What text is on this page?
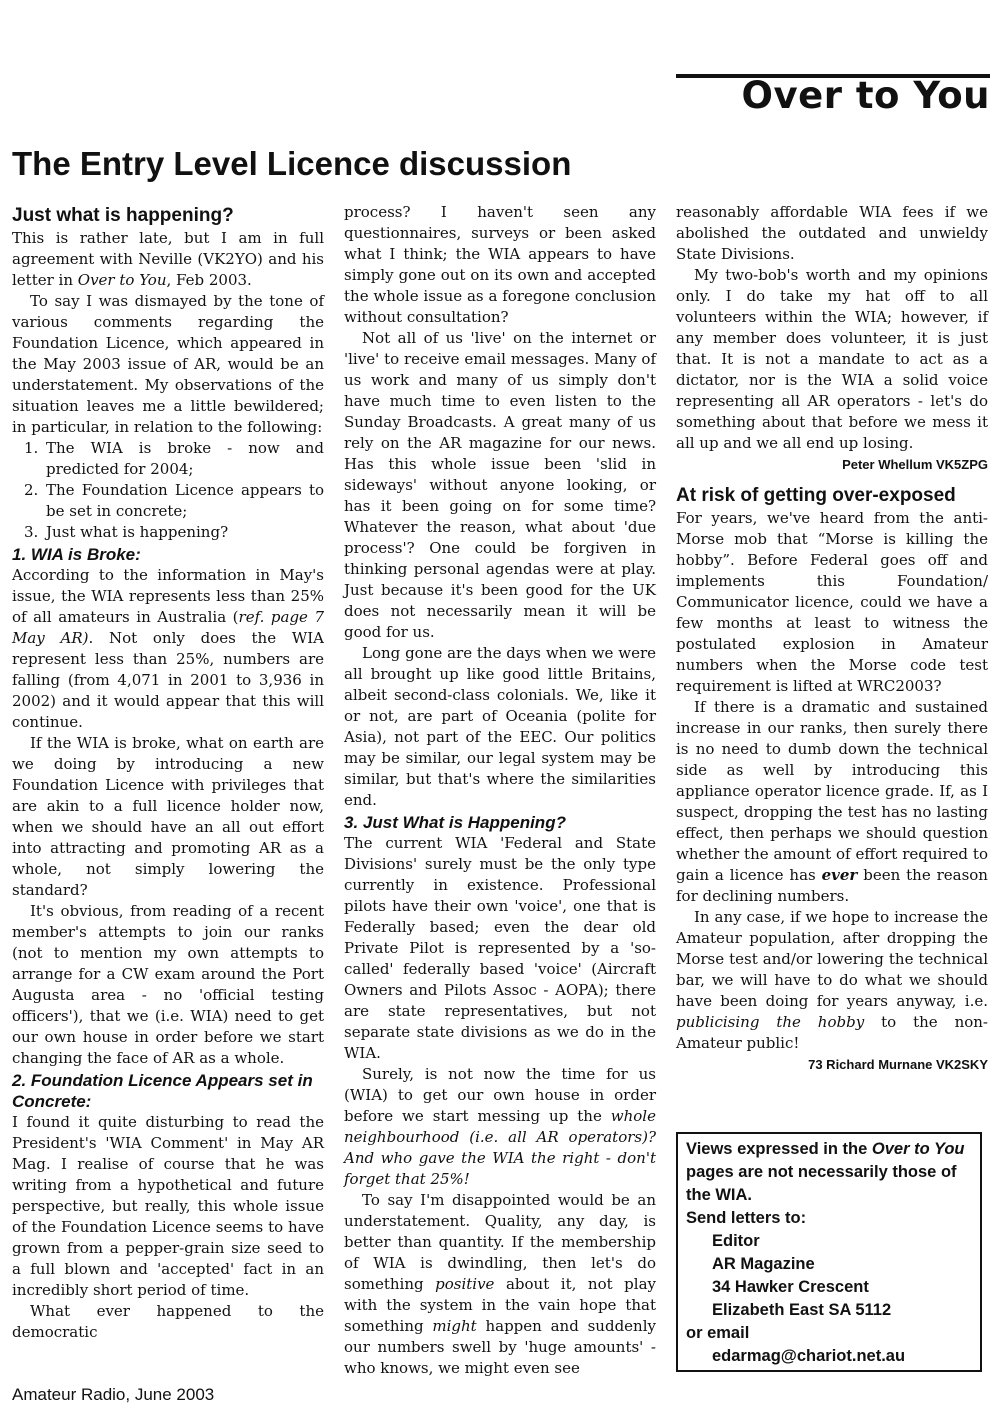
Over to You
The Entry Level Licence discussion
Just what is happening?

This is rather late, but I am in full agreement with Neville (VK2YO) and his letter in Over to You, Feb 2003.

To say I was dismayed by the tone of various comments regarding the Foundation Licence, which appeared in the May 2003 issue of AR, would be an understatement. My observations of the situation leaves me a little bewildered; in particular, in relation to the following:

1. The WIA is broke - now and predicted for 2004;
2. The Foundation Licence appears to be set in concrete;
3. Just what is happening?
1. WIA is Broke:

According to the information in May's issue, the WIA represents less than 25% of all amateurs in Australia (ref. page 7 May AR). Not only does the WIA represent less than 25%, numbers are falling (from 4,071 in 2001 to 3,936 in 2002) and it would appear that this will continue.

If the WIA is broke, what on earth are we doing by introducing a new Foundation Licence with privileges that are akin to a full licence holder now, when we should have an all out effort into attracting and promoting AR as a whole, not simply lowering the standard?

It's obvious, from reading of a recent member's attempts to join our ranks (not to mention my own attempts to arrange for a CW exam around the Port Augusta area - no 'official testing officers'), that we (i.e. WIA) need to get our own house in order before we start changing the face of AR as a whole.

2. Foundation Licence Appears set in Concrete:

I found it quite disturbing to read the President's 'WIA Comment' in May AR Mag. I realise of course that he was writing from a hypothetical and future perspective, but really, this whole issue of the Foundation Licence seems to have grown from a pepper-grain size seed to a full blown and 'accepted' fact in an incredibly short period of time.

What ever happened to the democratic

process? I haven't seen any questionnaires, surveys or been asked what I think; the WIA appears to have simply gone out on its own and accepted the whole issue as a foregone conclusion without consultation?

Not all of us 'live' on the internet or 'live' to receive email messages. Many of us work and many of us simply don't have much time to even listen to the Sunday Broadcasts. A great many of us rely on the AR magazine for our news. Has this whole issue been 'slid in sideways' without anyone looking, or has it been going on for some time? Whatever the reason, what about 'due process'? One could be forgiven in thinking personal agendas were at play. Just because it's been good for the UK does not necessarily mean it will be good for us.

Long gone are the days when we were all brought up like good little Britains, albeit second-class colonials. We, like it or not, are part of Oceania (polite for Asia), not part of the EEC. Our politics may be similar, our legal system may be similar, but that's where the similarities end.

3. Just What is Happening?

The current WIA 'Federal and State Divisions' surely must be the only type currently in existence. Professional pilots have their own 'voice', one that is Federally based; even the dear old Private Pilot is represented by a 'so-called' federally based 'voice' (Aircraft Owners and Pilots Assoc - AOPA); there are state representatives, but not separate state divisions as we do in the WIA.

Surely, is not now the time for us (WIA) to get our own house in order before we start messing up the whole neighbourhood (i.e. all AR operators)? And who gave the WIA the right - don't forget that 25%!

To say I'm disappointed would be an understatement. Quality, any day, is better than quantity. If the membership of WIA is dwindling, then let's do something positive about it, not play with the system in the vain hope that something might happen and suddenly our numbers swell by 'huge amounts' - who knows, we might even see

reasonably affordable WIA fees if we abolished the outdated and unwieldy State Divisions.

My two-bob's worth and my opinions only. I do take my hat off to all volunteers within the WIA; however, if any member does volunteer, it is just that. It is not a mandate to act as a dictator, nor is the WIA a solid voice representing all AR operators - let's do something about that before we mess it all up and we all end up losing.

Peter Whellum VK5ZPG

At risk of getting over-exposed

For years, we've heard from the anti-Morse mob that “Morse is killing the hobby”. Before Federal goes off and implements this Foundation/ Communicator licence, could we have a few months at least to witness the postulated explosion in Amateur numbers when the Morse code test requirement is lifted at WRC2003?

If there is a dramatic and sustained increase in our ranks, then surely there is no need to dumb down the technical side as well by introducing this appliance operator licence grade. If, as I suspect, dropping the test has no lasting effect, then perhaps we should question whether the amount of effort required to gain a licence has ever been the reason for declining numbers.

In any case, if we hope to increase the Amateur population, after dropping the Morse test and/or lowering the technical bar, we will have to do what we should have been doing for years anyway, i.e. publicising the hobby to the non-Amateur public!

73 Richard Murnane VK2SKY

Views expressed in the Over to You pages are not necessarily those of the WIA.
Send letters to:
Editor
AR Magazine
34 Hawker Crescent
Elizabeth East SA 5112
or email
edarmag@chariot.net.au
Amateur Radio, June 2003
